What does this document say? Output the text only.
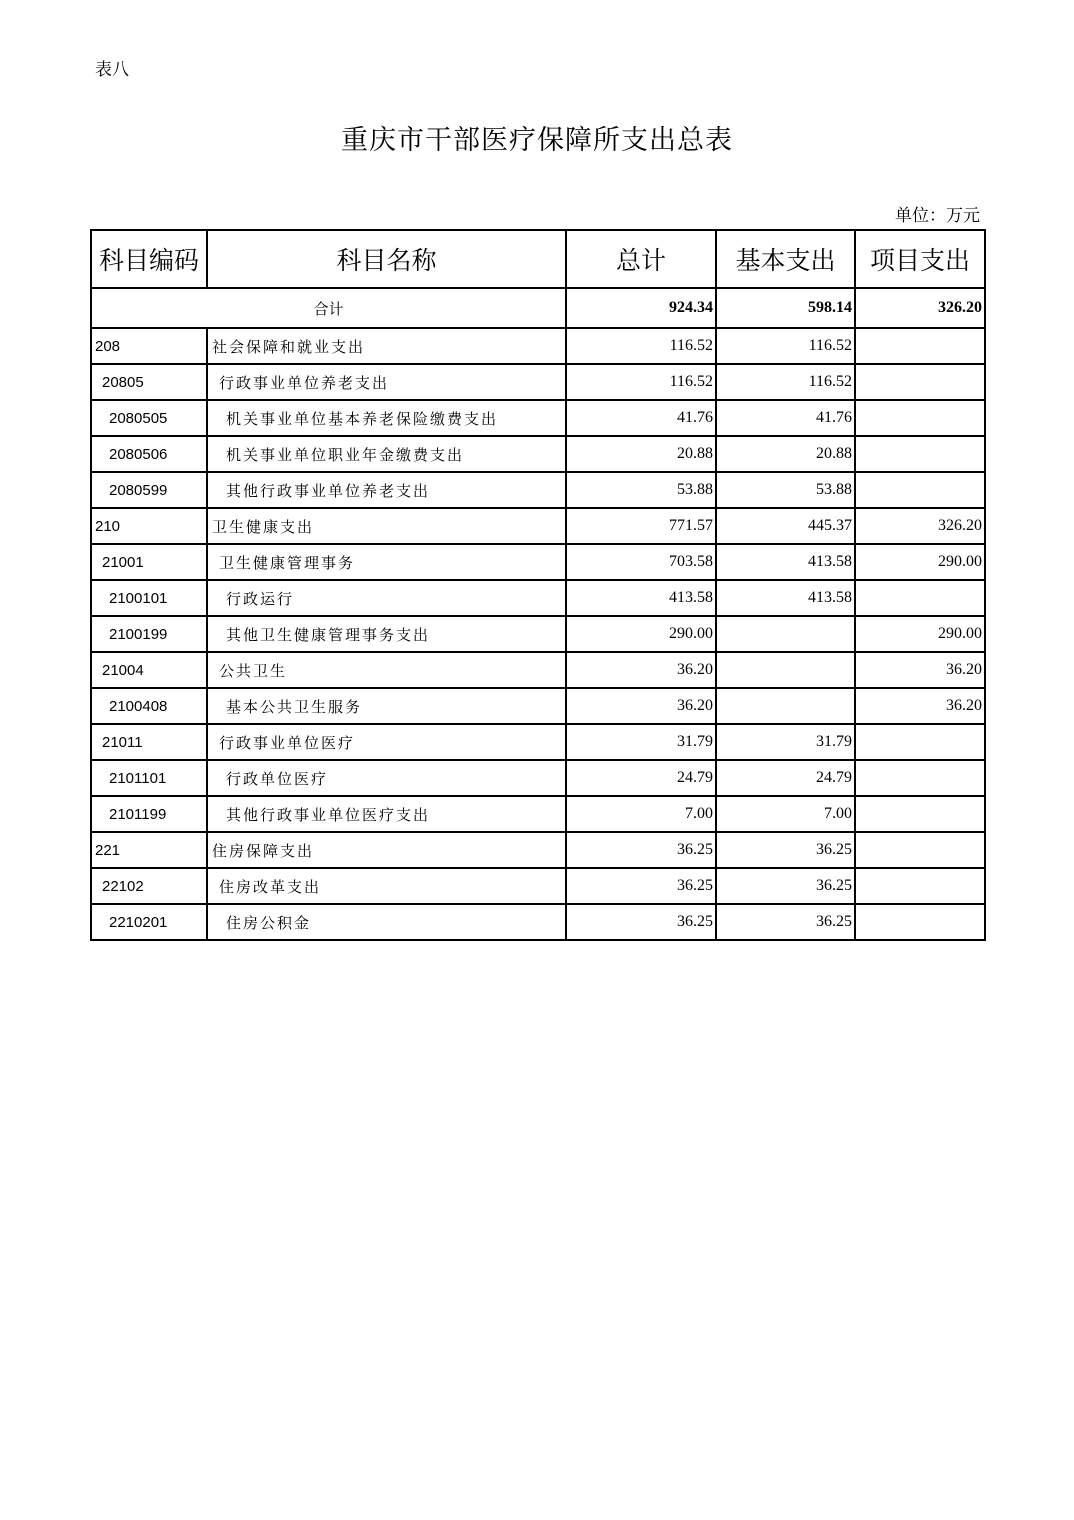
表八
重庆市干部医疗保障所支出总表
单位：万元
科目编码	科目名称	总计	基本支出	项目支出
合计		924.34	598.14	326.20
208	社会保障和就业支出	116.52	116.52	
20805	行政事业单位养老支出	116.52	116.52	
2080505	机关事业单位基本养老保险缴费支出	41.76	41.76	
2080506	机关事业单位职业年金缴费支出	20.88	20.88	
2080599	其他行政事业单位养老支出	53.88	53.88	
210	卫生健康支出	771.57	445.37	326.20
21001	卫生健康管理事务	703.58	413.58	290.00
2100101	行政运行	413.58	413.58	
2100199	其他卫生健康管理事务支出	290.00		290.00
21004	公共卫生	36.20		36.20
2100408	基本公共卫生服务	36.20		36.20
21011	行政事业单位医疗	31.79	31.79	
2101101	行政单位医疗	24.79	24.79	
2101199	其他行政事业单位医疗支出	7.00	7.00	
221	住房保障支出	36.25	36.25	
22102	住房改革支出	36.25	36.25	
2210201	住房公积金	36.25	36.25	
